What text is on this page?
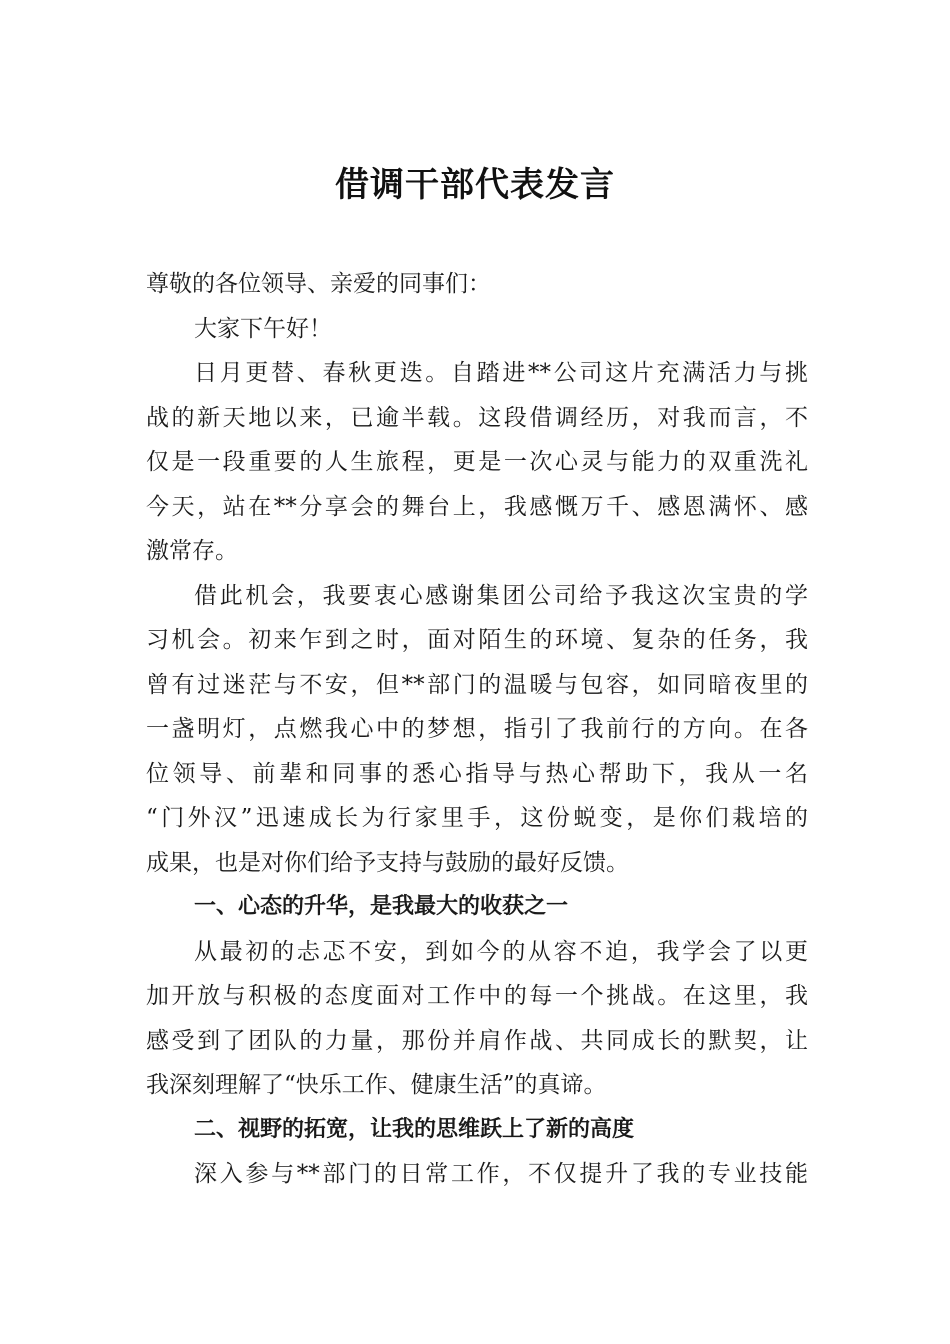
借调干部代表发言
尊敬的各位领导、亲爱的同事们：
大家下午好！
日月更替、春秋更迭。自踏进**公司这片充满活力与挑
战的新天地以来，已逾半载。这段借调经历，对我而言，不
仅是一段重要的人生旅程，更是一次心灵与能力的双重洗礼
今天，站在**分享会的舞台上，我感慨万千、感恩满怀、感
激常存。
借此机会，我要衷心感谢集团公司给予我这次宝贵的学
习机会。初来乍到之时，面对陌生的环境、复杂的任务，我
曾有过迷茫与不安，但**部门的温暖与包容，如同暗夜里的
一盏明灯，点燃我心中的梦想，指引了我前行的方向。在各
位领导、前辈和同事的悉心指导与热心帮助下，我从一名
“门外汉”迅速成长为行家里手，这份蜕变，是你们栽培的
成果，也是对你们给予支持与鼓励的最好反馈。
一、心态的升华，是我最大的收获之一
从最初的忐忑不安，到如今的从容不迫，我学会了以更
加开放与积极的态度面对工作中的每一个挑战。在这里，我
感受到了团队的力量，那份并肩作战、共同成长的默契，让
我深刻理解了“快乐工作、健康生活”的真谛。
二、视野的拓宽，让我的思维跃上了新的高度
深入参与**部门的日常工作，不仅提升了我的专业技能
